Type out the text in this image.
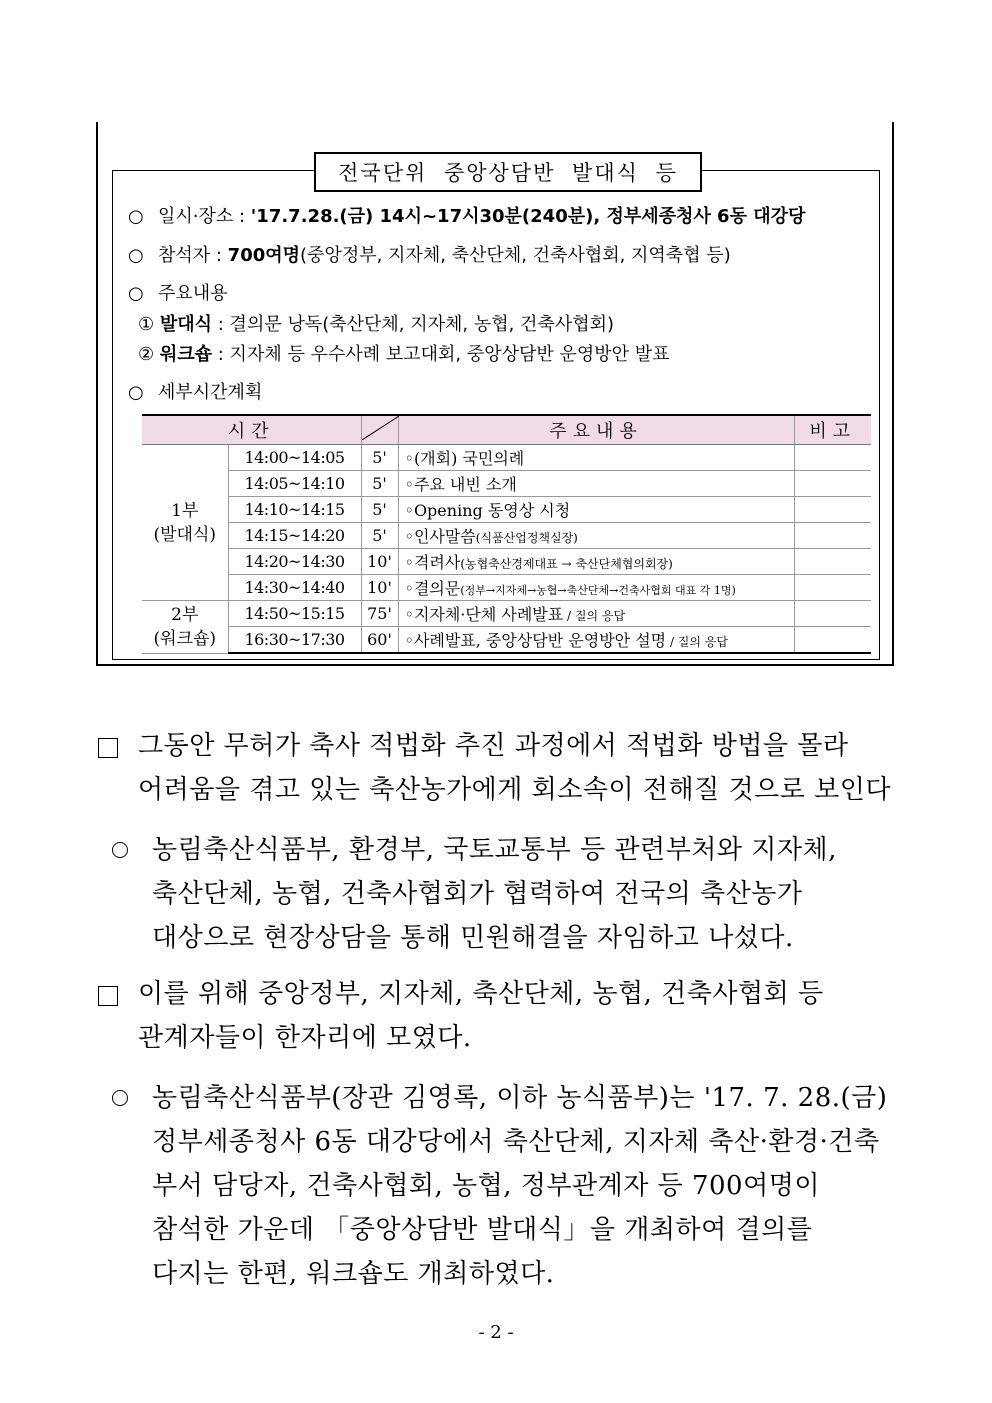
전국단위 중앙상담반 발대식 등
○ 일시·장소 : '17.7.28.(금) 14시~17시30분(240분), 정부세종청사 6동 대강당
○ 참석자 : 700여명(중앙정부, 지자체, 축산단체, 건축사협회, 지역축협 등)
○ 주요내용
① 발대식 : 결의문 낭독(축산단체, 지자체, 농협, 건축사협회)
② 워크숍 : 지자체 등 우수사례 보고대회, 중앙상담반 운영방안 발표
○ 세부시간계획
시간			주요내용	비고
1부
(발대식)	14:00~14:05	5'	◦(개회) 국민의례	
	14:05~14:10	5'	◦주요 내빈 소개	
	14:10~14:15	5'	◦Opening 동영상 시청	
	14:15~14:20	5'	◦인사말씀(식품산업정책실장)	
	14:20~14:30	10'	◦격려사(농협축산경제대표 → 축산단체협의회장)	
	14:30~14:40	10'	◦결의문(정부→지자체→농협→축산단체→건축사협회 대표 각 1명)	
2부
(워크숍)	14:50~15:15	75'	◦지자체·단체 사례발표 / 질의 응답	
	16:30~17:30	60'	◦사례발표, 중앙상담반 운영방안 설명 / 질의 응답	
그동안 무허가 축사 적법화 추진 과정에서 적법화 방법을 몰라
어려움을 겪고 있는 축산농가에게 회소속이 전해질 것으로 보인다
농림축산식품부, 환경부, 국토교통부 등 관련부처와 지자체,
축산단체, 농협, 건축사협회가 협력하여 전국의 축산농가
대상으로 현장상담을 통해 민원해결을 자임하고 나섰다.
이를 위해 중앙정부, 지자체, 축산단체, 농협, 건축사협회 등
관계자들이 한자리에 모였다.
농림축산식품부(장관 김영록, 이하 농식품부)는 '17. 7. 28.(금)
정부세종청사 6동 대강당에서 축산단체, 지자체 축산·환경·건축
부서 담당자, 건축사협회, 농협, 정부관계자 등 700여명이
참석한 가운데 「중앙상담반 발대식」을 개최하여 결의를
다지는 한편, 워크숍도 개최하였다.
- 2 -
